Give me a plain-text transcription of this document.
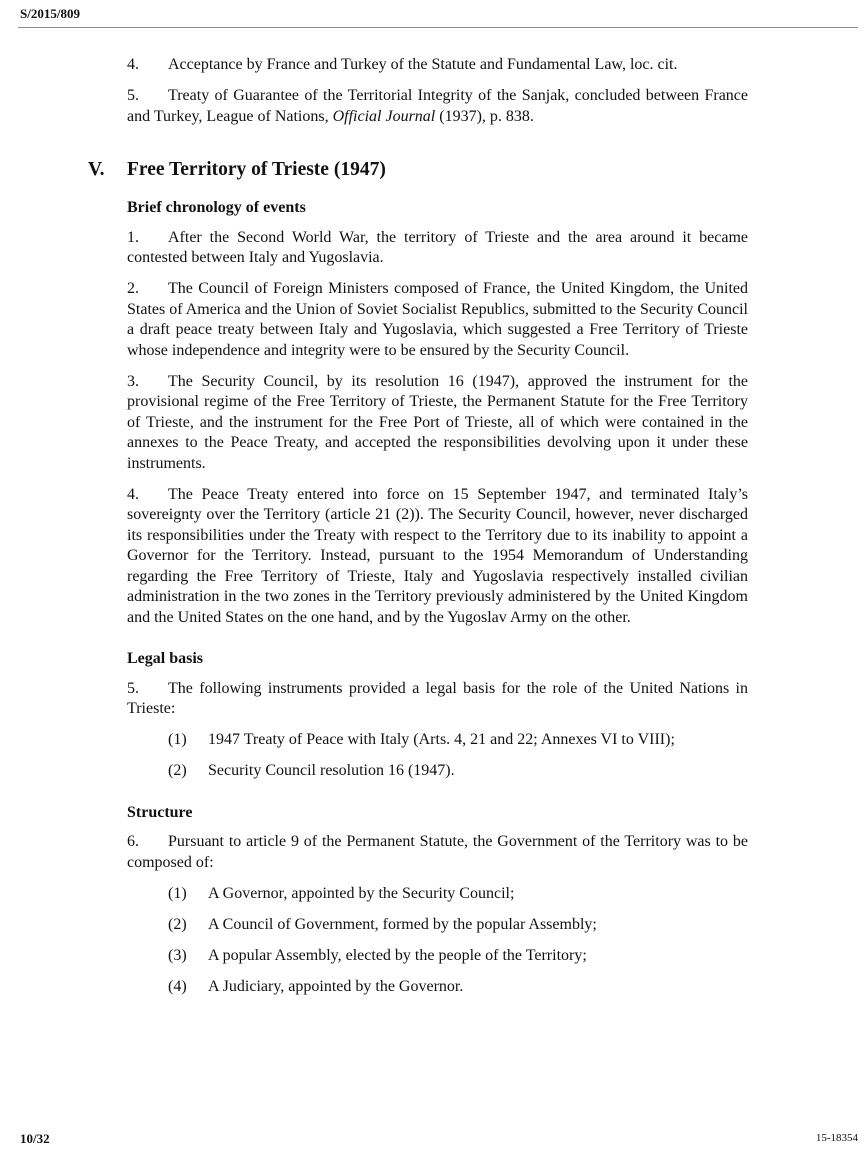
S/2015/809

4. Acceptance by France and Turkey of the Statute and Fundamental Law, loc. cit.

5. Treaty of Guarantee of the Territorial Integrity of the Sanjak, concluded between France and Turkey, League of Nations, Official Journal (1937), p. 838.

V. Free Territory of Trieste (1947)
Brief chronology of events

1. After the Second World War, the territory of Trieste and the area around it became contested between Italy and Yugoslavia.

2. The Council of Foreign Ministers composed of France, the United Kingdom, the United States of America and the Union of Soviet Socialist Republics, submitted to the Security Council a draft peace treaty between Italy and Yugoslavia, which suggested a Free Territory of Trieste whose independence and integrity were to be ensured by the Security Council.

3. The Security Council, by its resolution 16 (1947), approved the instrument for the provisional regime of the Free Territory of Trieste, the Permanent Statute for the Free Territory of Trieste, and the instrument for the Free Port of Trieste, all of which were contained in the annexes to the Peace Treaty, and accepted the responsibilities devolving upon it under these instruments.

4. The Peace Treaty entered into force on 15 September 1947, and terminated Italy’s sovereignty over the Territory (article 21 (2)). The Security Council, however, never discharged its responsibilities under the Treaty with respect to the Territory due to its inability to appoint a Governor for the Territory. Instead, pursuant to the 1954 Memorandum of Understanding regarding the Free Territory of Trieste, Italy and Yugoslavia respectively installed civilian administration in the two zones in the Territory previously administered by the United Kingdom and the United States on the one hand, and by the Yugoslav Army on the other.

Legal basis

5. The following instruments provided a legal basis for the role of the United Nations in Trieste:

(1)	1947 Treaty of Peace with Italy (Arts. 4, 21 and 22; Annexes VI to VIII);
(2)	Security Council resolution 16 (1947).
Structure

6. Pursuant to article 9 of the Permanent Statute, the Government of the Territory was to be composed of:

(1)	A Governor, appointed by the Security Council;
(2)	A Council of Government, formed by the popular Assembly;
(3)	A popular Assembly, elected by the people of the Territory;
(4)	A Judiciary, appointed by the Governor.
10/32	15-18354
